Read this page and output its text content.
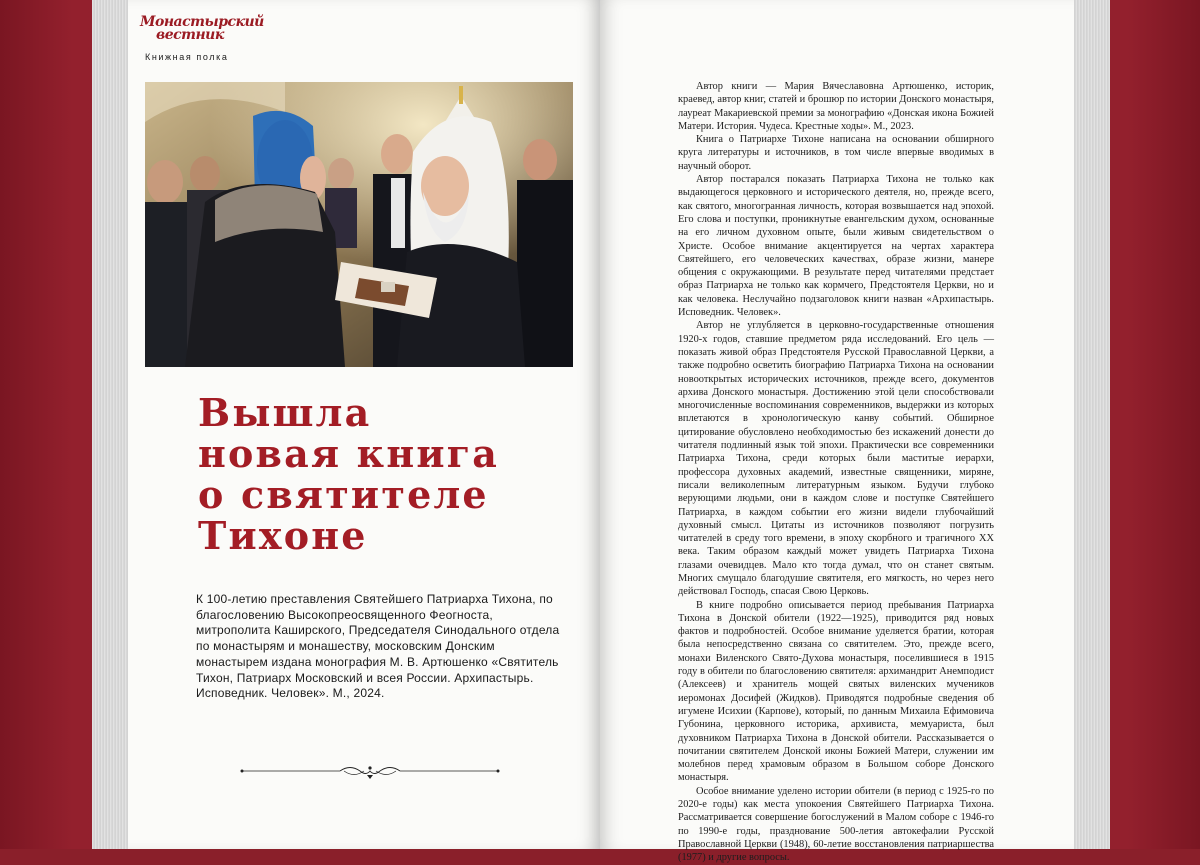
Монастырский
вестник
Книжная полка
Вышла
новая книга
о святителе
Тихоне
К 100-летию преставления Святейшего Патриарха Тихона, по благословению Высокопреосвященного Феогноста, митрополита Каширского, Председателя Синодального отдела по монастырям и монашеству, московским Донским монастырем издана монография М. В. Артюшенко «Святитель Тихон, Патриарх Московский и всея России. Архипастырь. Исповедник. Человек». М., 2024.

Автор книги — Мария Вячеславовна Артюшенко, историк, краевед, автор книг, статей и брошюр по истории Донского монастыря, лауреат Макариевской премии за монографию «Донская икона Божией Матери. История. Чудеса. Крестные ходы». М., 2023.

Книга о Патриархе Тихоне написана на основании обширного круга литературы и источников, в том числе впервые вводимых в научный оборот.

Автор постарался показать Патриарха Тихона не только как выдающегося церковного и исторического деятеля, но, прежде всего, как святого, многогранная личность, которая возвышается над эпохой. Его слова и поступки, проникнутые евангельским духом, основанные на его личном духовном опыте, были живым свидетельством о Христе. Особое внимание акцентируется на чертах характера Святейшего, его человеческих качествах, образе жизни, манере общения с окружающими. В результате перед читателями предстает образ Патриарха не только как кормчего, Предстоятеля Церкви, но и как человека. Неслучайно подзаголовок книги назван «Архипастырь. Исповедник. Человек».

Автор не углубляется в церковно-государственные отношения 1920-х годов, ставшие предметом ряда исследований. Его цель — показать живой образ Предстоятеля Русской Православной Церкви, а также подробно осветить биографию Патриарха Тихона на основании новооткрытых исторических источников, прежде всего, документов архива Донского монастыря. Достижению этой цели способствовали многочисленные воспоминания современников, выдержки из которых вплетаются в хронологическую канву событий. Обширное цитирование обусловлено необходимостью без искажений донести до читателя подлинный язык той эпохи. Практически все современники Патриарха Тихона, среди которых были маститые иерархи, профессора духовных академий, известные священники, миряне, писали великолепным литературным языком. Будучи глубоко верующими людьми, они в каждом слове и поступке Святейшего Патриарха, в каждом событии его жизни видели глубочайший духовный смысл. Цитаты из источников позволяют погрузить читателей в среду того времени, в эпоху скорбного и трагичного XX века. Таким образом каждый может увидеть Патриарха Тихона глазами очевидцев. Мало кто тогда думал, что он станет святым. Многих смущало благодушие святителя, его мягкость, но через него действовал Господь, спасая Свою Церковь.

В книге подробно описывается период пребывания Патриарха Тихона в Донской обители (1922—1925), приводится ряд новых фактов и подробностей. Особое внимание уделяется братии, которая была непосредственно связана со святителем. Это, прежде всего, монахи Виленского Свято-Духова монастыря, поселившиеся в 1915 году в обители по благословению святителя: архимандрит Анемподист (Алексеев) и хранитель мощей святых виленских мучеников иеромонах Досифей (Жидков). Приводятся подробные сведения об игумене Исихии (Карпове), который, по данным Михаила Ефимовича Губонина, церковного историка, архивиста, мемуариста, был духовником Патриарха Тихона в Донской обители. Рассказывается о почитании святителем Донской иконы Божией Матери, служении им молебнов перед храмовым образом в Большом соборе Донского монастыря.

Особое внимание уделено истории обители (в период с 1925-го по 2020-е годы) как места упокоения Святейшего Патриарха Тихона. Рассматривается совершение богослужений в Малом соборе с 1946-го по 1990-е годы, празднование 500-летия автокефалии Русской Православной Церкви (1948), 60-летие восстановления патриаршества (1977) и другие вопросы.
